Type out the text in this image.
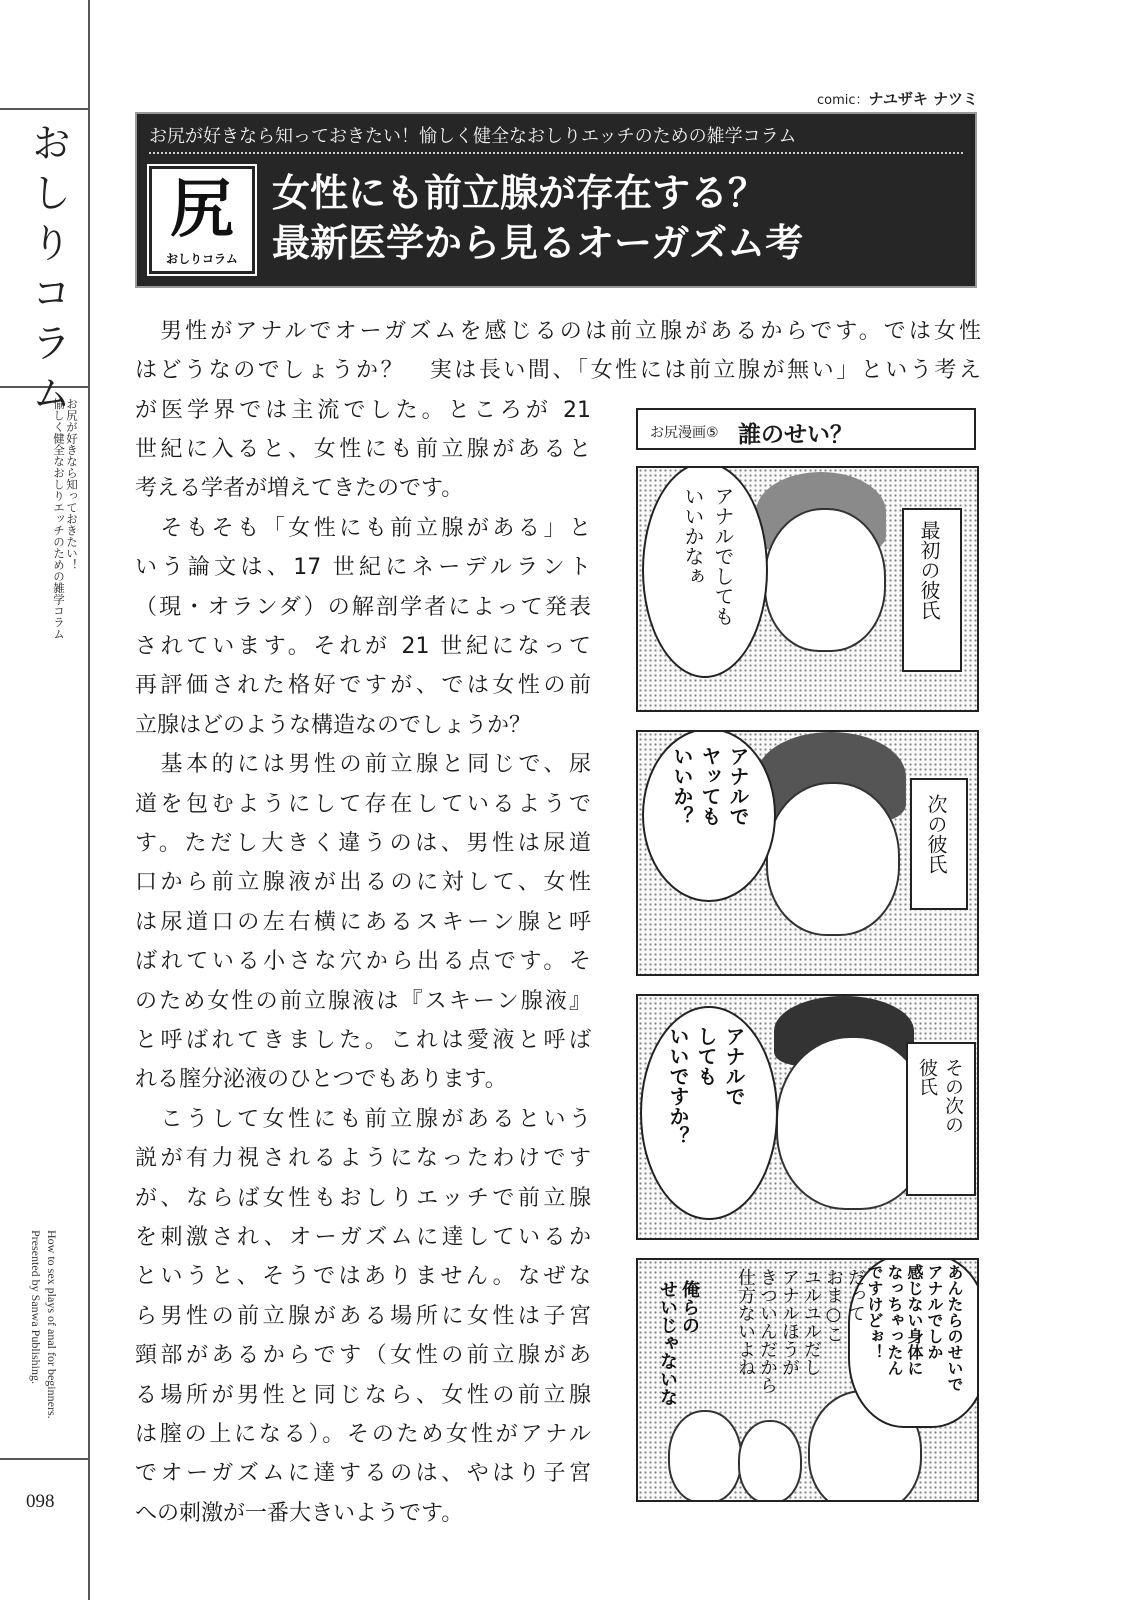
おしりコラム
お尻が好きなら知っておきたい！
愉しく健全なおしりエッチのための雑学コラム
How to sex plays of anal for beginners.
Presented by Sanwa Publishing.
098
comic：ナユザキ ナツミ
お尻が好きなら知っておきたい！愉しく健全なおしりエッチのための雑学コラム
尻
おしりコラム
女性にも前立腺が存在する？
最新医学から見るオーガズム考

　男性がアナルでオーガズムを感じるのは前立腺があるからです。では女性

はどうなのでしょうか？　実は長い間、「女性には前立腺が無い」という考え

が医学界では主流でした。ところが 21

世紀に入ると、女性にも前立腺があると

考える学者が増えてきたのです。

　そもそも「女性にも前立腺がある」と

いう論文は、17 世紀にネーデルラント

（現・オランダ）の解剖学者によって発表

されています。それが 21 世紀になって

再評価された格好ですが、では女性の前

立腺はどのような構造なのでしょうか？

　基本的には男性の前立腺と同じで、尿

道を包むようにして存在しているようで

す。ただし大きく違うのは、男性は尿道

口から前立腺液が出るのに対して、女性

は尿道口の左右横にあるスキーン腺と呼

ばれている小さな穴から出る点です。そ

のため女性の前立腺液は『スキーン腺液』

と呼ばれてきました。これは愛液と呼ば

れる膣分泌液のひとつでもあります。

　こうして女性にも前立腺があるという

説が有力視されるようになったわけです

が、ならば女性もおしりエッチで前立腺

を刺激され、オーガズムに達しているか

というと、そうではありません。なぜな

ら男性の前立腺がある場所に女性は子宮

頸部があるからです（女性の前立腺があ

る場所が男性と同じなら、女性の前立腺

は膣の上になる）。そのため女性がアナル

でオーガズムに達するのは、やはり子宮

への刺激が一番大きいようです。

お尻漫画⑤ 誰のせい？
アナルでしても
いいかなぁ	最初の彼氏
アナルで
ヤッても
いいか？
次の彼氏
アナルで
しても
いいですか？	その次の
彼氏
あんたらのせいで
アナルでしか
感じない身体に
なっちゃったん
ですけどぉ！
だって
おま○こ
ユルユルだし
アナルほうが
きついんだから
仕方ないよね
俺らの
せいじゃないな
